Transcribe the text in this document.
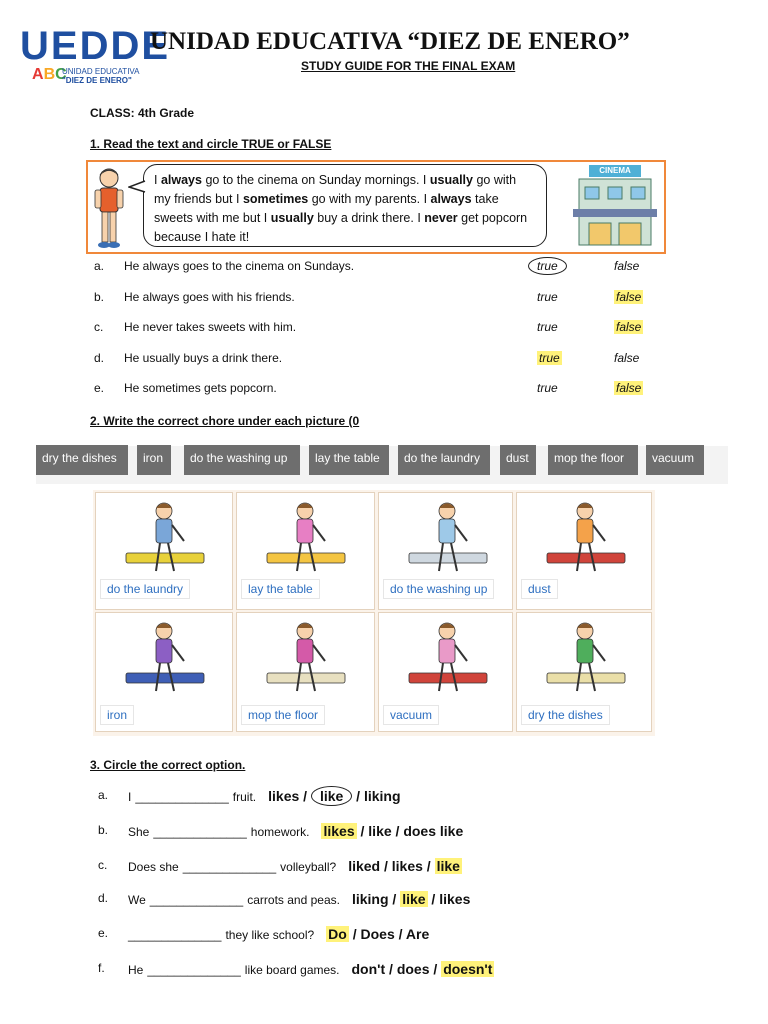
UEDDE
ABC
UNIDAD EDUCATIVA
"DIEZ DE ENERO"
UNIDAD EDUCATIVA “DIEZ DE ENERO”
STUDY GUIDE FOR THE FINAL EXAM
CLASS: 4th Grade
1. Read the text and circle TRUE or FALSE
I always go to the cinema on Sunday mornings. I usually go with my friends but I sometimes go with my parents. I always take sweets with me but I usually buy a drink there. I never get popcorn because I hate it!
CINEMA
a. He always goes to the cinema on Sundays.	true	false
b. He always goes with his friends.	true	false
c. He never takes sweets with him.	true	false
d. He usually buys a drink there.	true	false
e. He sometimes gets popcorn.	true	false
2. Write the correct chore under each picture (0
dry the dishes	iron	do the washing up	lay the table	do the laundry	dust	mop the floor	vacuum
do the laundry	lay the table	do the washing up	dust
iron	mop the floor	vacuum	dry the dishes
3. Circle the correct option.
a. I ______________ fruit. likes / like / liking
b. She ______________ homework. likes / like / does like
c. Does she ______________ volleyball? liked / likes / like
d. We ______________ carrots and peas. liking / like / likes
e. ______________ they like school? Do / Does / Are
f. He ______________ like board games. don't / does / doesn't
